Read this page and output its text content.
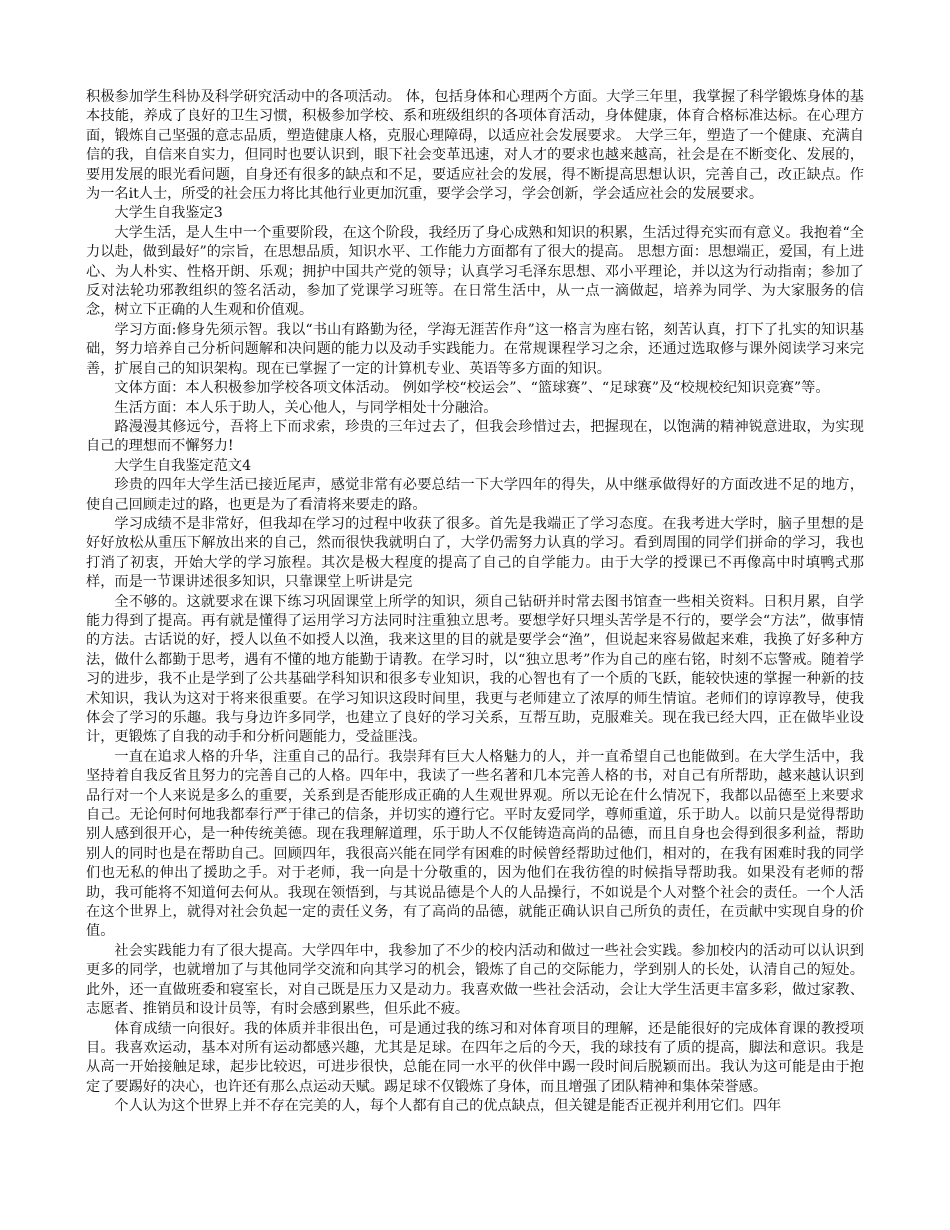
积极参加学生科协及科学研究活动中的各项活动。 体，包括身体和心理两个方面。大学三年里，我掌握了科学锻炼身体的基本技能，养成了良好的卫生习惯，积极参加学校、系和班级组织的各项体育活动，身体健康，体育合格标准达标。在心理方面，锻炼自己坚强的意志品质，塑造健康人格，克服心理障碍，以适应社会发展要求。 大学三年，塑造了一个健康、充满自信的我，自信来自实力，但同时也要认识到，眼下社会变革迅速，对人才的要求也越来越高，社会是在不断变化、发展的，要用发展的眼光看问题，自身还有很多的缺点和不足，要适应社会的发展，得不断提高思想认识，完善自己，改正缺点。作为一名it人士，所受的社会压力将比其他行业更加沉重，要学会学习，学会创新，学会适应社会的发展要求。

大学生自我鉴定3

大学生活，是人生中一个重要阶段，在这个阶段，我经历了身心成熟和知识的积累，生活过得充实而有意义。我抱着“全力以赴，做到最好”的宗旨，在思想品质，知识水平、工作能力方面都有了很大的提高。 思想方面：思想端正，爱国，有上进心、为人朴实、性格开朗、乐观；拥护中国共产党的领导；认真学习毛泽东思想、邓小平理论，并以这为行动指南；参加了反对法轮功邪教组织的签名活动，参加了党课学习班等。在日常生活中，从一点一滴做起，培养为同学、为大家服务的信念，树立下正确的人生观和价值观。

学习方面:修身先须示智。我以“书山有路勤为径，学海无涯苦作舟”这一格言为座右铭，刻苦认真，打下了扎实的知识基础，努力培养自己分析问题解和决问题的能力以及动手实践能力。在常规课程学习之余，还通过选取修与课外阅读学习来完善，扩展自己的知识架构。现在已掌握了一定的计算机专业、英语等多方面的知识。

文体方面：本人积极参加学校各项文体活动。 例如学校“校运会”、“篮球赛”、“足球赛”及“校规校纪知识竞赛”等。

生活方面：本人乐于助人，关心他人，与同学相处十分融洽。

路漫漫其修远兮，吾将上下而求索，珍贵的三年过去了，但我会珍惜过去，把握现在，以饱满的精神锐意进取，为实现自己的理想而不懈努力!

大学生自我鉴定范文4

珍贵的四年大学生活已接近尾声，感觉非常有必要总结一下大学四年的得失，从中继承做得好的方面改进不足的地方，使自己回顾走过的路，也更是为了看清将来要走的路。

学习成绩不是非常好，但我却在学习的过程中收获了很多。首先是我端正了学习态度。在我考进大学时，脑子里想的是好好放松从重压下解放出来的自己，然而很快我就明白了，大学仍需努力认真的学习。看到周围的同学们拼命的学习，我也打消了初衷，开始大学的学习旅程。其次是极大程度的提高了自己的自学能力。由于大学的授课已不再像高中时填鸭式那样，而是一节课讲述很多知识，只靠课堂上听讲是完

全不够的。这就要求在课下练习巩固课堂上所学的知识，须自己钻研并时常去图书馆查一些相关资料。日积月累，自学能力得到了提高。再有就是懂得了运用学习方法同时注重独立思考。要想学好只埋头苦学是不行的，要学会“方法”，做事情的方法。古话说的好，授人以鱼不如授人以渔，我来这里的目的就是要学会“渔”，但说起来容易做起来难，我换了好多种方法，做什么都勤于思考，遇有不懂的地方能勤于请教。在学习时，以“独立思考”作为自己的座右铭，时刻不忘警戒。随着学习的进步，我不止是学到了公共基础学科知识和很多专业知识，我的心智也有了一个质的飞跃，能较快速的掌握一种新的技术知识，我认为这对于将来很重要。在学习知识这段时间里，我更与老师建立了浓厚的师生情谊。老师们的谆谆教导，使我体会了学习的乐趣。我与身边许多同学，也建立了良好的学习关系，互帮互助，克服难关。现在我已经大四，正在做毕业设计，更锻炼了自我的动手和分析问题能力，受益匪浅。

一直在追求人格的升华，注重自己的品行。我崇拜有巨大人格魅力的人，并一直希望自己也能做到。在大学生活中，我坚持着自我反省且努力的完善自己的人格。四年中，我读了一些名著和几本完善人格的书，对自己有所帮助，越来越认识到品行对一个人来说是多么的重要，关系到是否能形成正确的人生观世界观。所以无论在什么情况下，我都以品德至上来要求自己。无论何时何地我都奉行严于律己的信条，并切实的遵行它。平时友爱同学，尊师重道，乐于助人。以前只是觉得帮助别人感到很开心，是一种传统美德。现在我理解道理，乐于助人不仅能铸造高尚的品德，而且自身也会得到很多利益，帮助别人的同时也是在帮助自己。回顾四年，我很高兴能在同学有困难的时候曾经帮助过他们，相对的，在我有困难时我的同学们也无私的伸出了援助之手。对于老师，我一向是十分敬重的，因为他们在我彷徨的时候指导帮助我。如果没有老师的帮助，我可能将不知道何去何从。我现在领悟到，与其说品德是个人的人品操行，不如说是个人对整个社会的责任。一个人活在这个世界上，就得对社会负起一定的责任义务，有了高尚的品德，就能正确认识自己所负的责任，在贡献中实现自身的价值。

社会实践能力有了很大提高。大学四年中，我参加了不少的校内活动和做过一些社会实践。参加校内的活动可以认识到更多的同学，也就增加了与其他同学交流和向其学习的机会，锻炼了自己的交际能力，学到别人的长处，认清自己的短处。此外，还一直做班委和寝室长，对自己既是压力又是动力。我喜欢做一些社会活动，会让大学生活更丰富多彩，做过家教、志愿者、推销员和设计员等，有时会感到累些，但乐此不疲。

体育成绩一向很好。我的体质并非很出色，可是通过我的练习和对体育项目的理解，还是能很好的完成体育课的教授项目。我喜欢运动，基本对所有运动都感兴趣，尤其是足球。在四年之后的今天，我的球技有了质的提高，脚法和意识。我是从高一开始接触足球，起步比较迟，可进步很快，总能在同一水平的伙伴中踢一段时间后脱颖而出。我认为这可能是由于抱定了要踢好的决心，也许还有那么点运动天赋。踢足球不仅锻炼了身体，而且增强了团队精神和集体荣誉感。

个人认为这个世界上并不存在完美的人，每个人都有自己的优点缺点，但关键是能否正视并利用它们。四年
